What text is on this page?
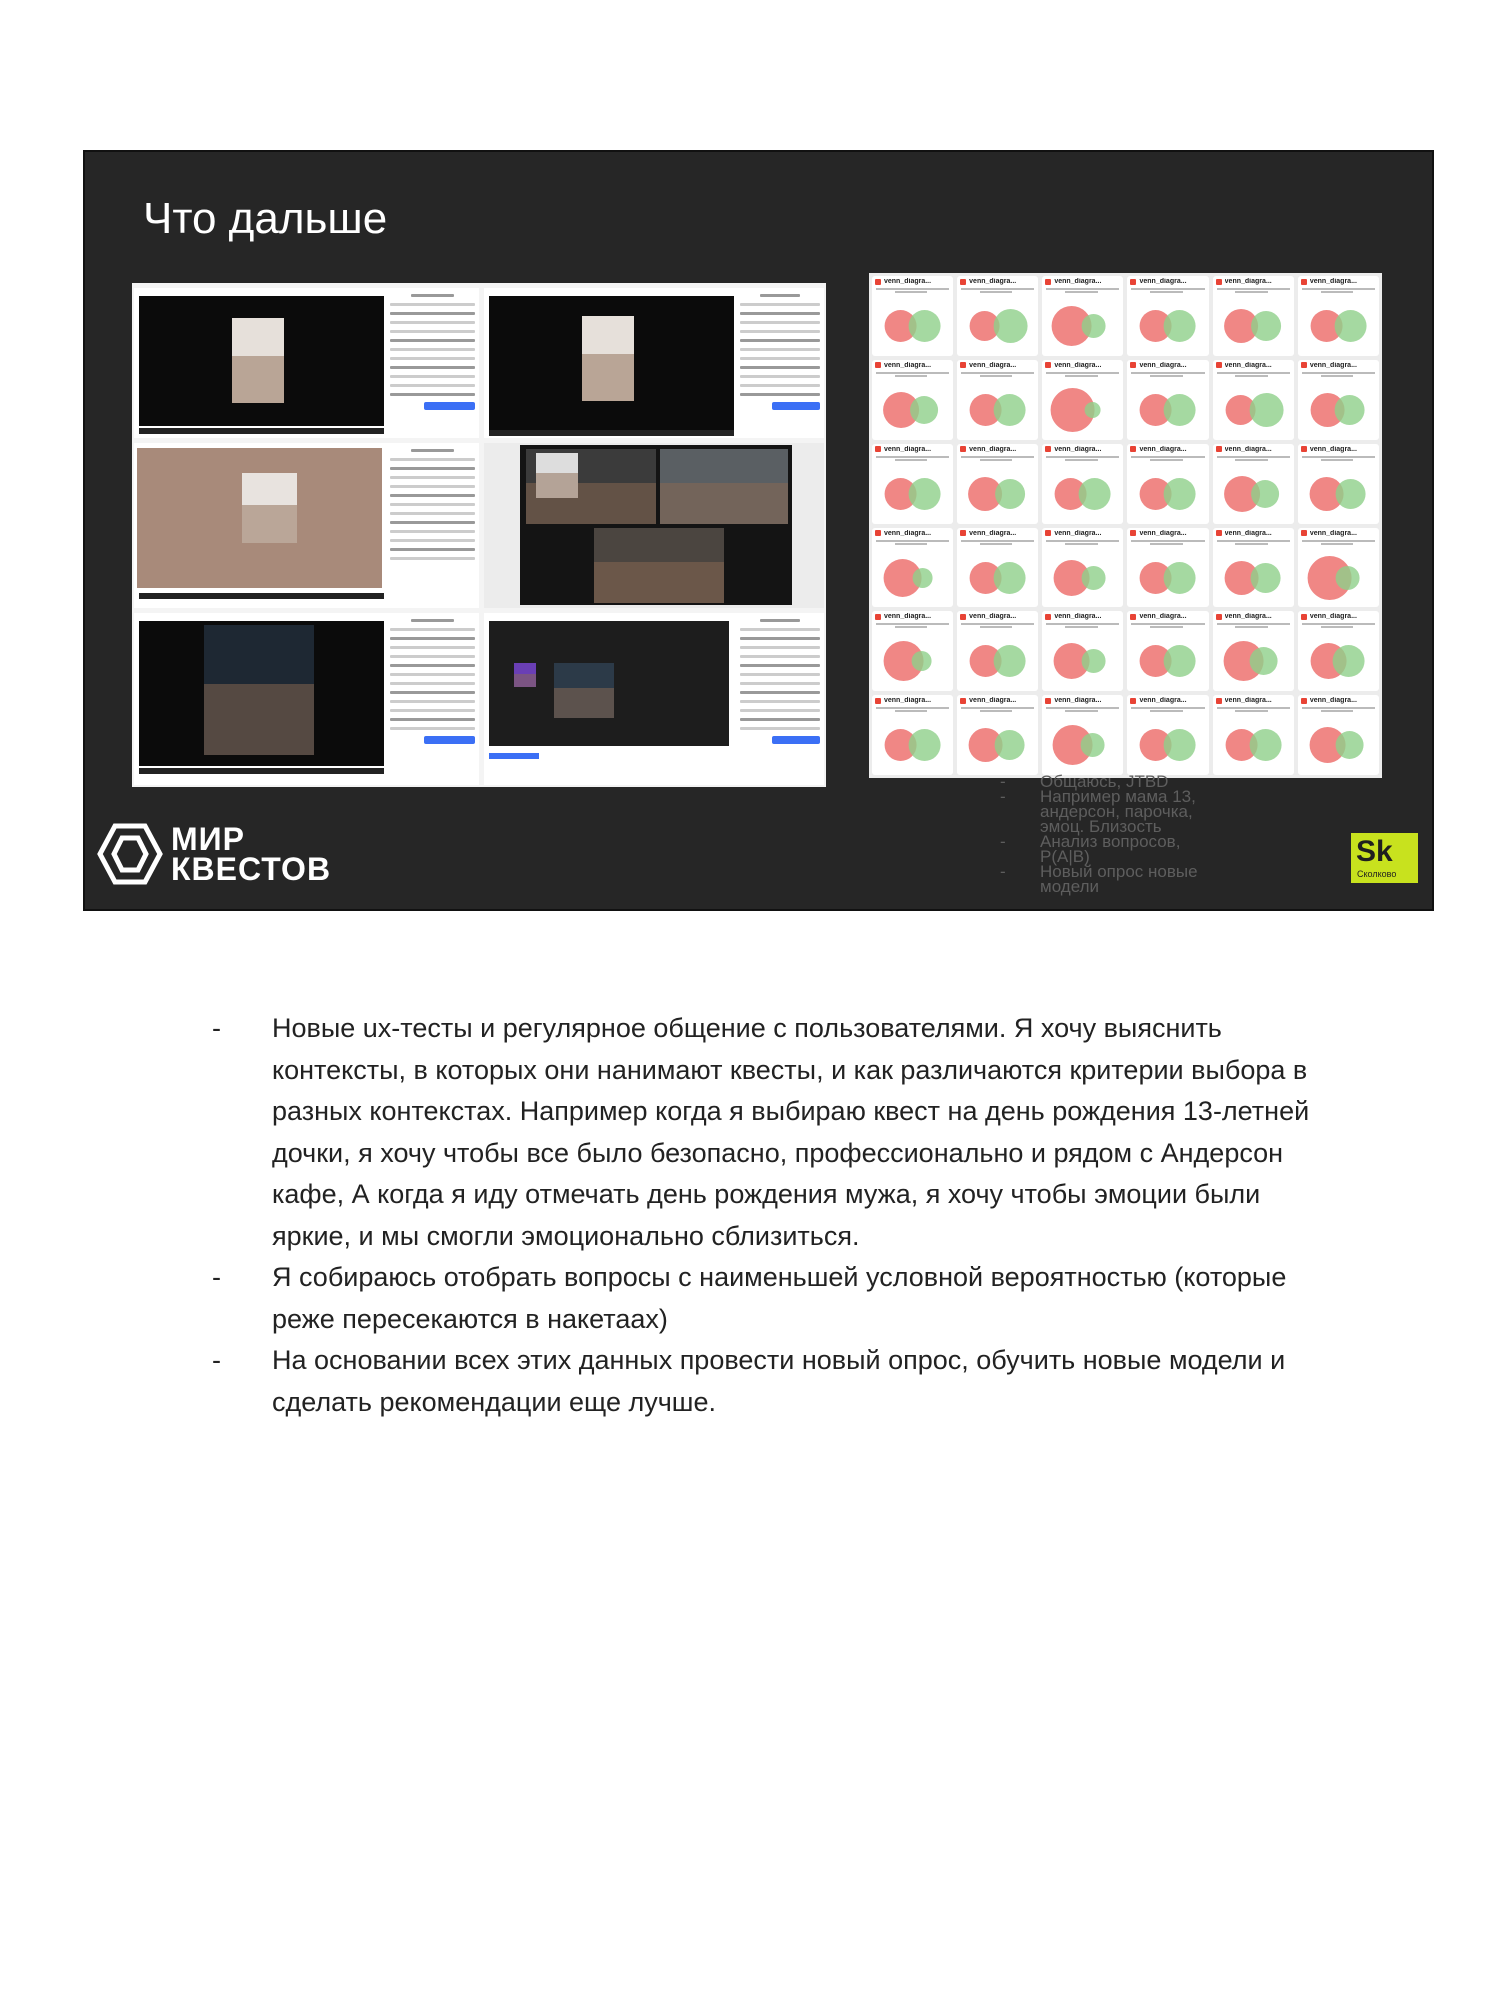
Что дальше
venn_diagra...	venn_diagra...	venn_diagra...	venn_diagra...	venn_diagra...	venn_diagra...
venn_diagra...	venn_diagra...	venn_diagra...	venn_diagra...	venn_diagra...	venn_diagra...
venn_diagra...	venn_diagra...	venn_diagra...	venn_diagra...	venn_diagra...	venn_diagra...
venn_diagra...	venn_diagra...	venn_diagra...	venn_diagra...	venn_diagra...	venn_diagra...
venn_diagra...	venn_diagra...	venn_diagra...	venn_diagra...	venn_diagra...	venn_diagra...
venn_diagra...	venn_diagra...	venn_diagra...	venn_diagra...	venn_diagra...	venn_diagra...
- Общаюсь, JTBD
- Например мама 13, андерсон, парочка, эмоц. Близость
- Анализ вопросов, P(A|B)
- Новый опрос новые модели
МИР
КВЕСТОВ	Sk
Сколково
- Новые ux-тесты и регулярное общение с пользователями. Я хочу выяснить контексты, в которых они нанимают квесты, и как различаются критерии выбора в разных контекстах. Например когда я выбираю квест на день рождения 13-летней дочки, я хочу чтобы все было безопасно, профессионально и рядом с Андерсон кафе, А когда я иду отмечать день рождения мужа, я хочу чтобы эмоции были яркие, и мы смогли эмоционально сблизиться.
- Я собираюсь отобрать вопросы с наименьшей условной вероятностью (которые реже пересекаются в накетаах)
- На основании всех этих данных провести новый опрос, обучить новые модели и сделать рекомендации еще лучше.
